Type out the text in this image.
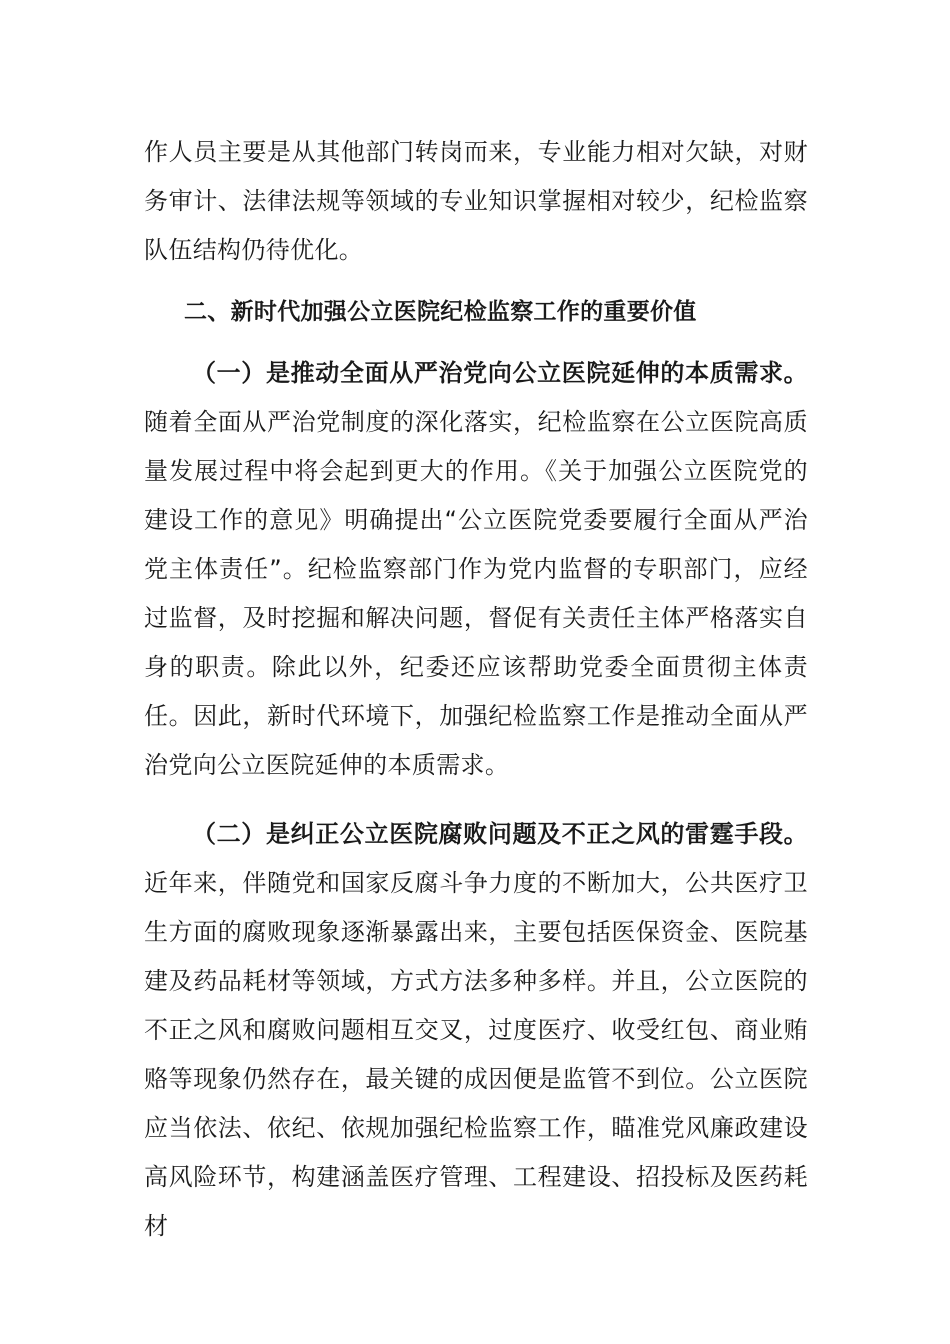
作人员主要是从其他部门转岗而来，专业能力相对欠缺，对财务审计、法律法规等领域的专业知识掌握相对较少，纪检监察队伍结构仍待优化。

二、新时代加强公立医院纪检监察工作的重要价值

（一）是推动全面从严治党向公立医院延伸的本质需求。随着全面从严治党制度的深化落实，纪检监察在公立医院高质量发展过程中将会起到更大的作用。《关于加强公立医院党的建设工作的意见》明确提出“公立医院党委要履行全面从严治党主体责任”。纪检监察部门作为党内监督的专职部门，应经过监督，及时挖掘和解决问题，督促有关责任主体严格落实自身的职责。除此以外，纪委还应该帮助党委全面贯彻主体责任。因此，新时代环境下，加强纪检监察工作是推动全面从严治党向公立医院延伸的本质需求。

（二）是纠正公立医院腐败问题及不正之风的雷霆手段。近年来，伴随党和国家反腐斗争力度的不断加大，公共医疗卫生方面的腐败现象逐渐暴露出来，主要包括医保资金、医院基建及药品耗材等领域，方式方法多种多样。并且，公立医院的不正之风和腐败问题相互交叉，过度医疗、收受红包、商业贿赂等现象仍然存在，最关键的成因便是监管不到位。公立医院应当依法、依纪、依规加强纪检监察工作，瞄准党风廉政建设高风险环节，构建涵盖医疗管理、工程建设、招投标及医药耗材
